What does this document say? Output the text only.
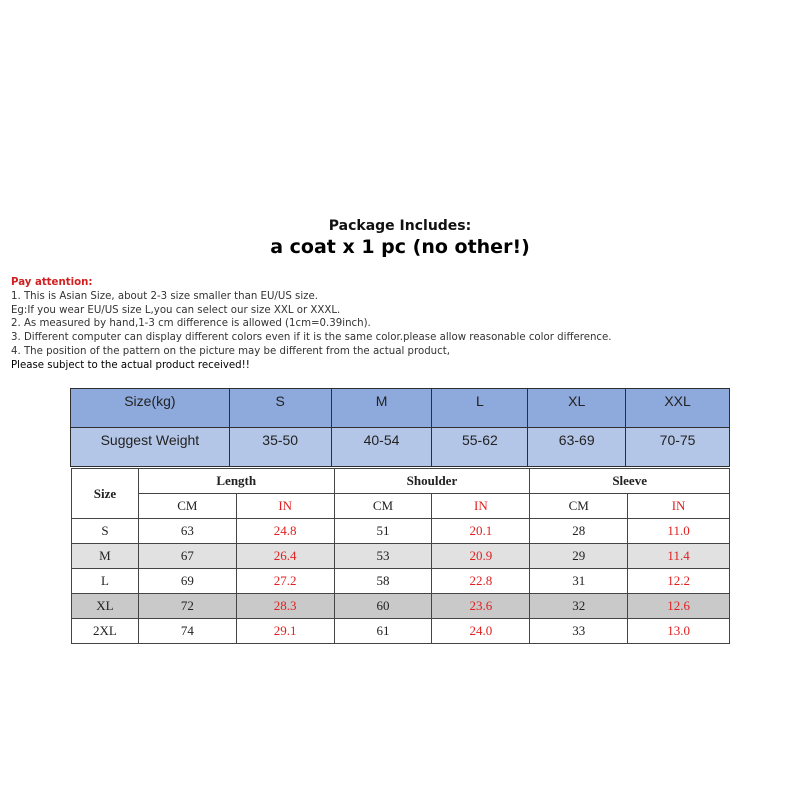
Package Includes:
a coat x 1 pc (no other!)
Pay attention:
1. This is Asian Size, about 2-3 size smaller than EU/US size.
Eg:If you wear EU/US size L,you can select our size XXL or XXXL.
2. As measured by hand,1-3 cm difference is allowed (1cm=0.39inch).
3. Different computer can display different colors even if it is the same color.please allow reasonable color difference.
4. The position of the pattern on the picture may be different from the actual product,
Please subject to the actual product received!!
Size(kg)	S	M	L	XL	XXL

Suggest Weight	35-50	40-54	55-62	63-69	70-75
Size	Length		Shoulder		Sleeve	
	CM	IN	CM	IN	CM	IN
S	63	24.8	51	20.1	28	11.0
M	67	26.4	53	20.9	29	11.4
L	69	27.2	58	22.8	31	12.2
XL	72	28.3	60	23.6	32	12.6
2XL	74	29.1	61	24.0	33	13.0
